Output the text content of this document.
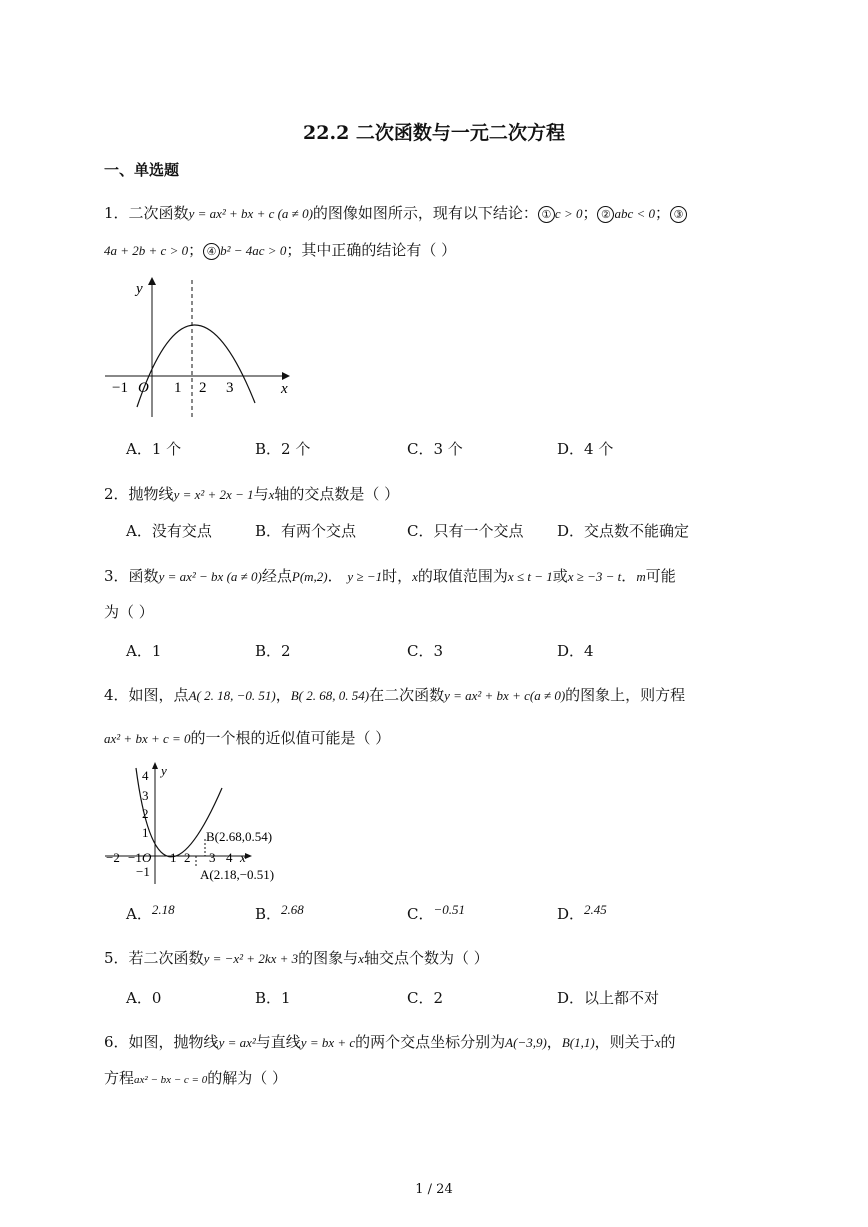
22.2 二次函数与一元二次方程
一、单选题
1．二次函数y = ax² + bx + c (a ≠ 0)的图像如图所示，现有以下结论： ① c > 0； ② abc < 0； ③
4a + 2b + c > 0； ④ b² − 4ac > 0；其中正确的结论有（ ）
y
x
O
−1	1 2 3
A．1 个	B．2 个	C．3 个	D．4 个
2．抛物线y = x² + 2x − 1与x轴的交点数是（ ）
A．没有交点	B．有两个交点	C．只有一个交点 D．交点数不能确定
3．函数y = ax² − bx (a ≠ 0)经点P(m,2)． y ≥ −1时，x的取值范围为x ≤ t − 1或x ≥ −3 − t．m可能
为（ ）
A．1	B．2	C．3	D．4
4．如图，点A( 2. 18, −0. 51)，B( 2. 68, 0. 54)在二次函数y = ax² + bx + c(a ≠ 0)的图象上，则方程
ax² + bx + c = 0的一个根的近似值可能是（ ）
y
4
3
2
1
−1
−2 −1 O 1 2 3 4 x
B(2.68,0.54)
A(2.18,−0.51)
A．2.18	B．2.68	C．−0.51	D．2.45
5．若二次函数y = −x² + 2kx + 3的图象与x轴交点个数为（ ）
A．0	B．1	C．2	D．以上都不对
6．如图，抛物线y = ax²与直线y = bx + c的两个交点坐标分别为A(−3,9)，B(1,1)，则关于x的
方程ax² − bx − c = 0的解为（ ）
1 / 24
